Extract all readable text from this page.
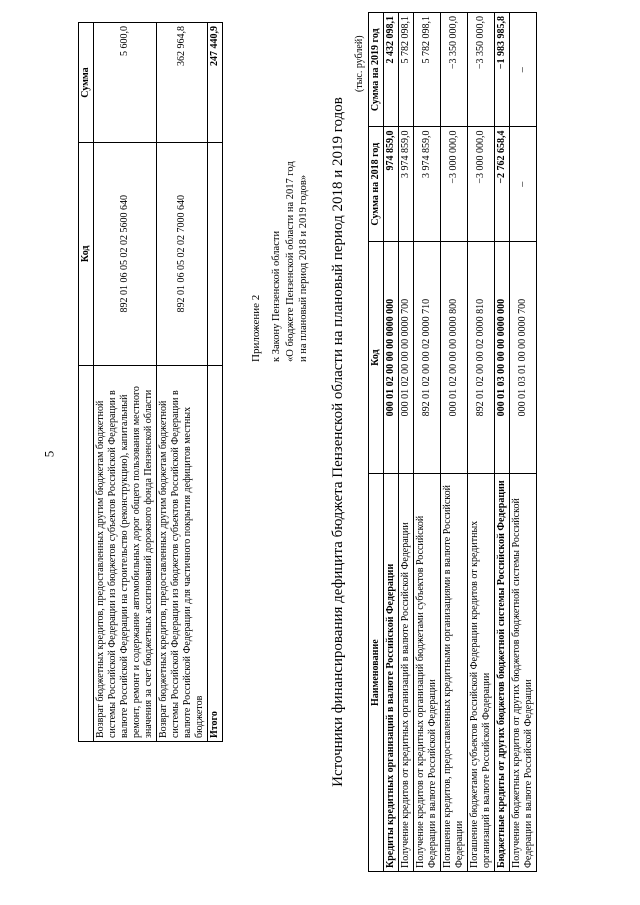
5
	Код	Сумма
Возврат бюджетных кредитов, предоставленных другим бюджетам бюджетной системы Российской Федерации из бюджетов субъектов Российской Федерации в валюте Российской Федерации на строительство (реконструкцию), капитальный ремонт, ремонт и содержание автомобильных дорог общего пользования местного значения за счет бюджетных ассигнований дорожного фонда Пензенской области	892 01 06 05 02 02 5600 640	5 600,0
Возврат бюджетных кредитов, предоставленных другим бюджетам бюджетной системы Российской Федерации из бюджетов субъектов Российской Федерации в валюте Российской Федерации для частичного покрытия дефицитов местных бюджетов	892 01 06 05 02 02 7000 640	362 964,8
Итого		247 440,9
Приложение 2 к Закону Пензенской области «О бюджете Пензенской области на 2017 год и на плановый период 2018 и 2019 годов» Источники финансирования дефицита бюджета Пензенской области на плановый период 2018 и 2019 годов
(тыс. рублей)
Наименование	Код	Сумма на 2018 год	Сумма на 2019 год
Кредиты кредитных организаций в валюте Российской Федерации	000 01 02 00 00 00 0000 000	974 859,0	2 432 098,1
Получение кредитов от кредитных организаций в валюте Российской Федерации	000 01 02 00 00 00 0000 700	3 974 859,0	5 782 098,1
Получение кредитов от кредитных организаций бюджетами субъектов Российской Федерации в валюте Российской Федерации	892 01 02 00 00 02 0000 710	3 974 859,0	5 782 098,1
Погашение кредитов, предоставленных кредитными организациями в валюте Российской Федерации	000 01 02 00 00 00 0000 800	−3 000 000,0	−3 350 000,0
Погашение бюджетами субъектов Российской Федерации кредитов от кредитных организаций в валюте Российской Федерации	892 01 02 00 00 02 0000 810	−3 000 000,0	−3 350 000,0
Бюджетные кредиты от других бюджетов бюджетной системы Российской Федерации	000 01 03 00 00 00 0000 000	−2 762 658,4	−1 983 985,8
Получение бюджетных кредитов от других бюджетов бюджетной системы Российской Федерации в валюте Российской Федерации	000 01 03 01 00 00 0000 700	–	–
